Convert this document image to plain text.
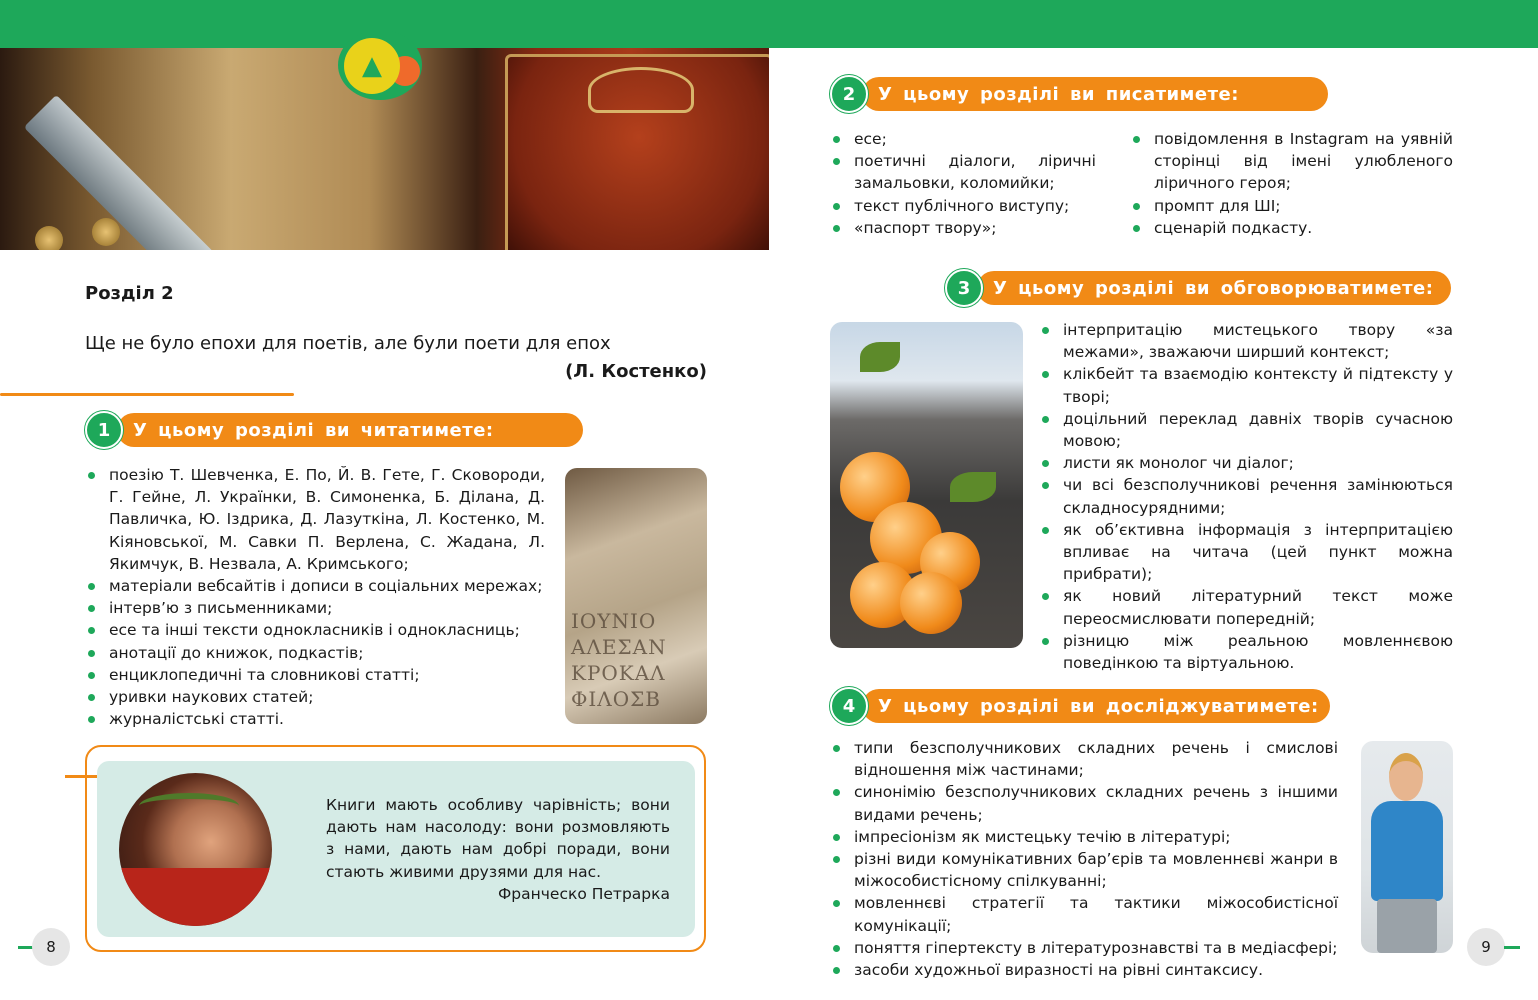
▲
Розділ 2
Ще не було епохи для поетів, але були поети для епох
(Л. Костенко)
1	У цьому розділі ви читатимете:
поезію Т. Шевченка, Е. По, Й. В. Гете, Г. Сковороди, Г. Гейне, Л. Українки, В. Симоненка, Б. Ділана, Д. Павличка, Ю. Іздрика, Д. Лазуткіна, Л. Костенко, М. Кіяновської, М. Савки П. Верлена, С. Жадана, Л. Якимчук, В. Незвала, А. Кримського;
матеріали вебсайтів і дописи в соціальних мережах;
інтерв’ю з письменниками;
есе та інші тексти однокласників і однокласниць;
анотації до книжок, подкастів;
енциклопедичні та словникові статті;
уривки наукових статей;
журналістські статті.
ΙΟΥΝΙΟ ΑΛΕΣΑΝ ΚΡΟΚΑΛ ΦΙΛΟΣΒ
Книги мають особливу чарівність; вони дають нам насолоду: вони розмовляють з нами, дають нам добрі поради, вони стають живими друзями для нас.
Франческо Петрарка
2	У цьому розділі ви писатимете:
есе;
поетичні діалоги, ліричні замальовки, коломийки;
текст публічного виступу;
«паспорт твору»;
повідомлення в Instagram на уявній сторінці від імені улюбленого ліричного героя;
промпт для ШІ;
сценарій подкасту.
3	У цьому розділі ви обговорюватимете:
інтерпритацію мистецького твору «за межами», зважаючи ширший контекст;
клікбейт та взаємодію контексту й підтексту у творі;
доцільний переклад давніх творів сучасною мовою;
листи як монолог чи діалог;
чи всі безсполучникові речення замінюються складносурядними;
як об’єктивна інформація з інтерпритацією впливає на читача (цей пункт можна прибрати);
як новий літературний текст може переосмислювати попередній;
різницю між реальною мовленнєвою поведінкою та віртуальною.
4	У цьому розділі ви досліджуватимете:
типи безсполучникових складних речень і смислові відношення між частинами;
синонімію безсполучникових складних речень з іншими видами речень;
імпресіонізм як мистецьку течію в літературі;
різні види комунікативних бар’єрів та мовленнєві жанри в міжособистісному спілкуванні;
мовленнєві стратегії та тактики міжособистісної комунікації;
поняття гіпертексту в літературознавстві та в медіасфері;
засоби художньої виразності на рівні синтаксису.
8	9
